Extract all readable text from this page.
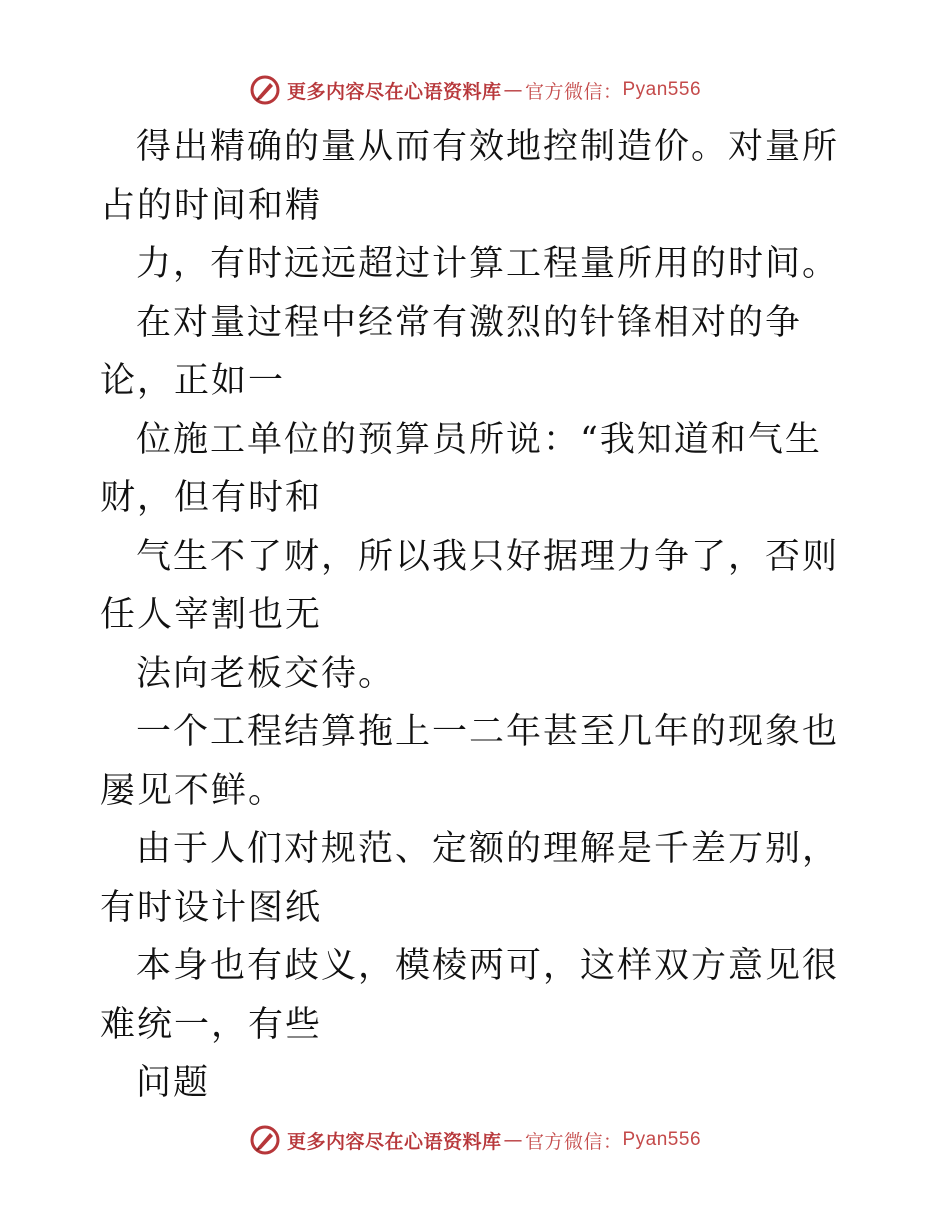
更多内容尽在心语资料库 — 官方微信： Pyan556

得出精确的量从而有效地控制造价。对量所占的时间和精

力，有时远远超过计算工程量所用的时间。

在对量过程中经常有激烈的针锋相对的争论，正如一

位施工单位的预算员所说：“我知道和气生财，但有时和

气生不了财，所以我只好据理力争了，否则任人宰割也无

法向老板交待。

一个工程结算拖上一二年甚至几年的现象也屡见不鲜。

由于人们对规范、定额的理解是千差万别，有时设计图纸

本身也有歧义，模棱两可，这样双方意见很难统一，有些

问题

更多内容尽在心语资料库 — 官方微信： Pyan556
